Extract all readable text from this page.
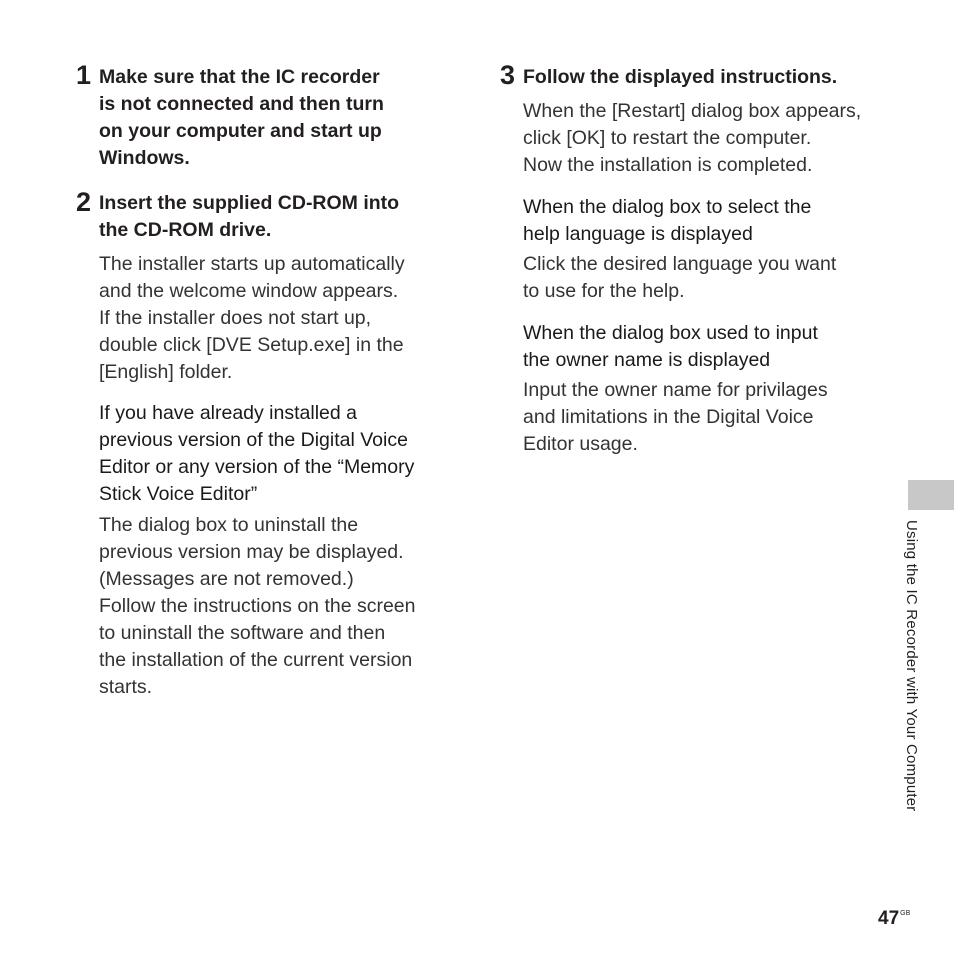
1 Make sure that the IC recorder
is not connected and then turn
on your computer and start up
Windows.
2 Insert the supplied CD-ROM into
the CD-ROM drive.
The installer starts up automatically
and the welcome window appears.
If the installer does not start up,
double click [DVE Setup.exe] in the
[English] folder.
If you have already installed a
previous version of the Digital Voice
Editor or any version of the “Memory
Stick Voice Editor”
The dialog box to uninstall the
previous version may be displayed.
(Messages are not removed.)
Follow the instructions on the screen
to uninstall the software and then
the installation of the current version
starts.
3 Follow the displayed instructions.
When the [Restart] dialog box appears,
click [OK] to restart the computer.
Now the installation is completed.
When the dialog box to select the
help language is displayed
Click the desired language you want
to use for the help.
When the dialog box used to input
the owner name is displayed
Input the owner name for privilages
and limitations in the Digital Voice
Editor usage.
Using the IC Recorder with Your Computer
$47^{GB}$
